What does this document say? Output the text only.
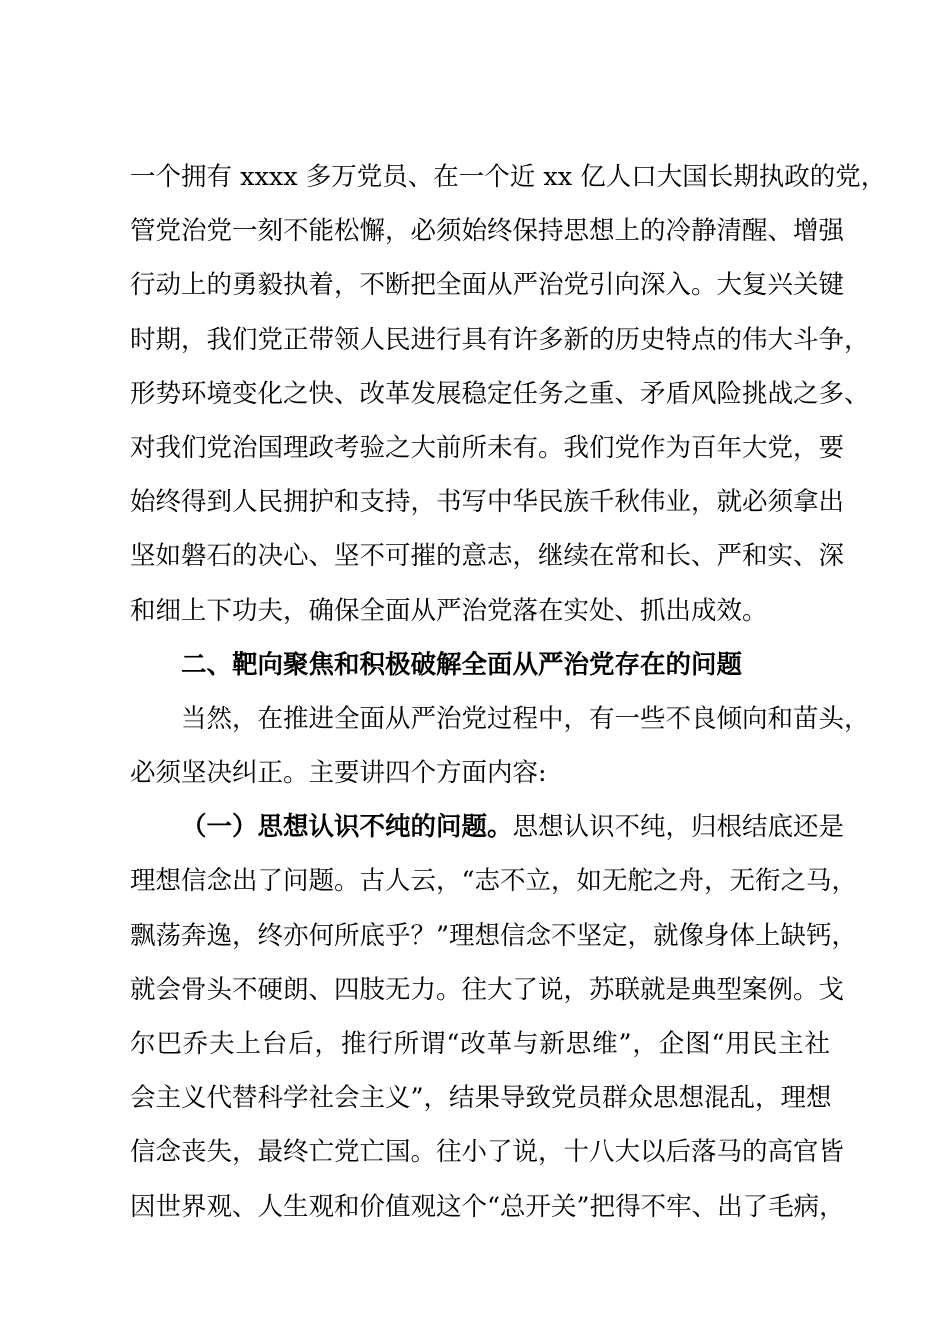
一个拥有 xxxx 多万党员、在一个近 xx 亿人口大国长期执政的党，
管党治党一刻不能松懈，必须始终保持思想上的冷静清醒、增强
行动上的勇毅执着，不断把全面从严治党引向深入。大复兴关键
时期，我们党正带领人民进行具有许多新的历史特点的伟大斗争，
形势环境变化之快、改革发展稳定任务之重、矛盾风险挑战之多、
对我们党治国理政考验之大前所未有。我们党作为百年大党，要
始终得到人民拥护和支持，书写中华民族千秋伟业，就必须拿出
坚如磐石的决心、坚不可摧的意志，继续在常和长、严和实、深
和细上下功夫，确保全面从严治党落在实处、抓出成效。
二、靶向聚焦和积极破解全面从严治党存在的问题
当然，在推进全面从严治党过程中，有一些不良倾向和苗头，
必须坚决纠正。主要讲四个方面内容:
（一）思想认识不纯的问题。思想认识不纯，归根结底还是
理想信念出了问题。古人云，“志不立，如无舵之舟，无衔之马，
飘荡奔逸，终亦何所底乎？”理想信念不坚定，就像身体上缺钙，
就会骨头不硬朗、四肢无力。往大了说，苏联就是典型案例。戈
尔巴乔夫上台后，推行所谓“改革与新思维”，企图“用民主社
会主义代替科学社会主义”，结果导致党员群众思想混乱，理想
信念丧失，最终亡党亡国。往小了说，十八大以后落马的高官皆
因世界观、人生观和价值观这个“总开关”把得不牢、出了毛病，
